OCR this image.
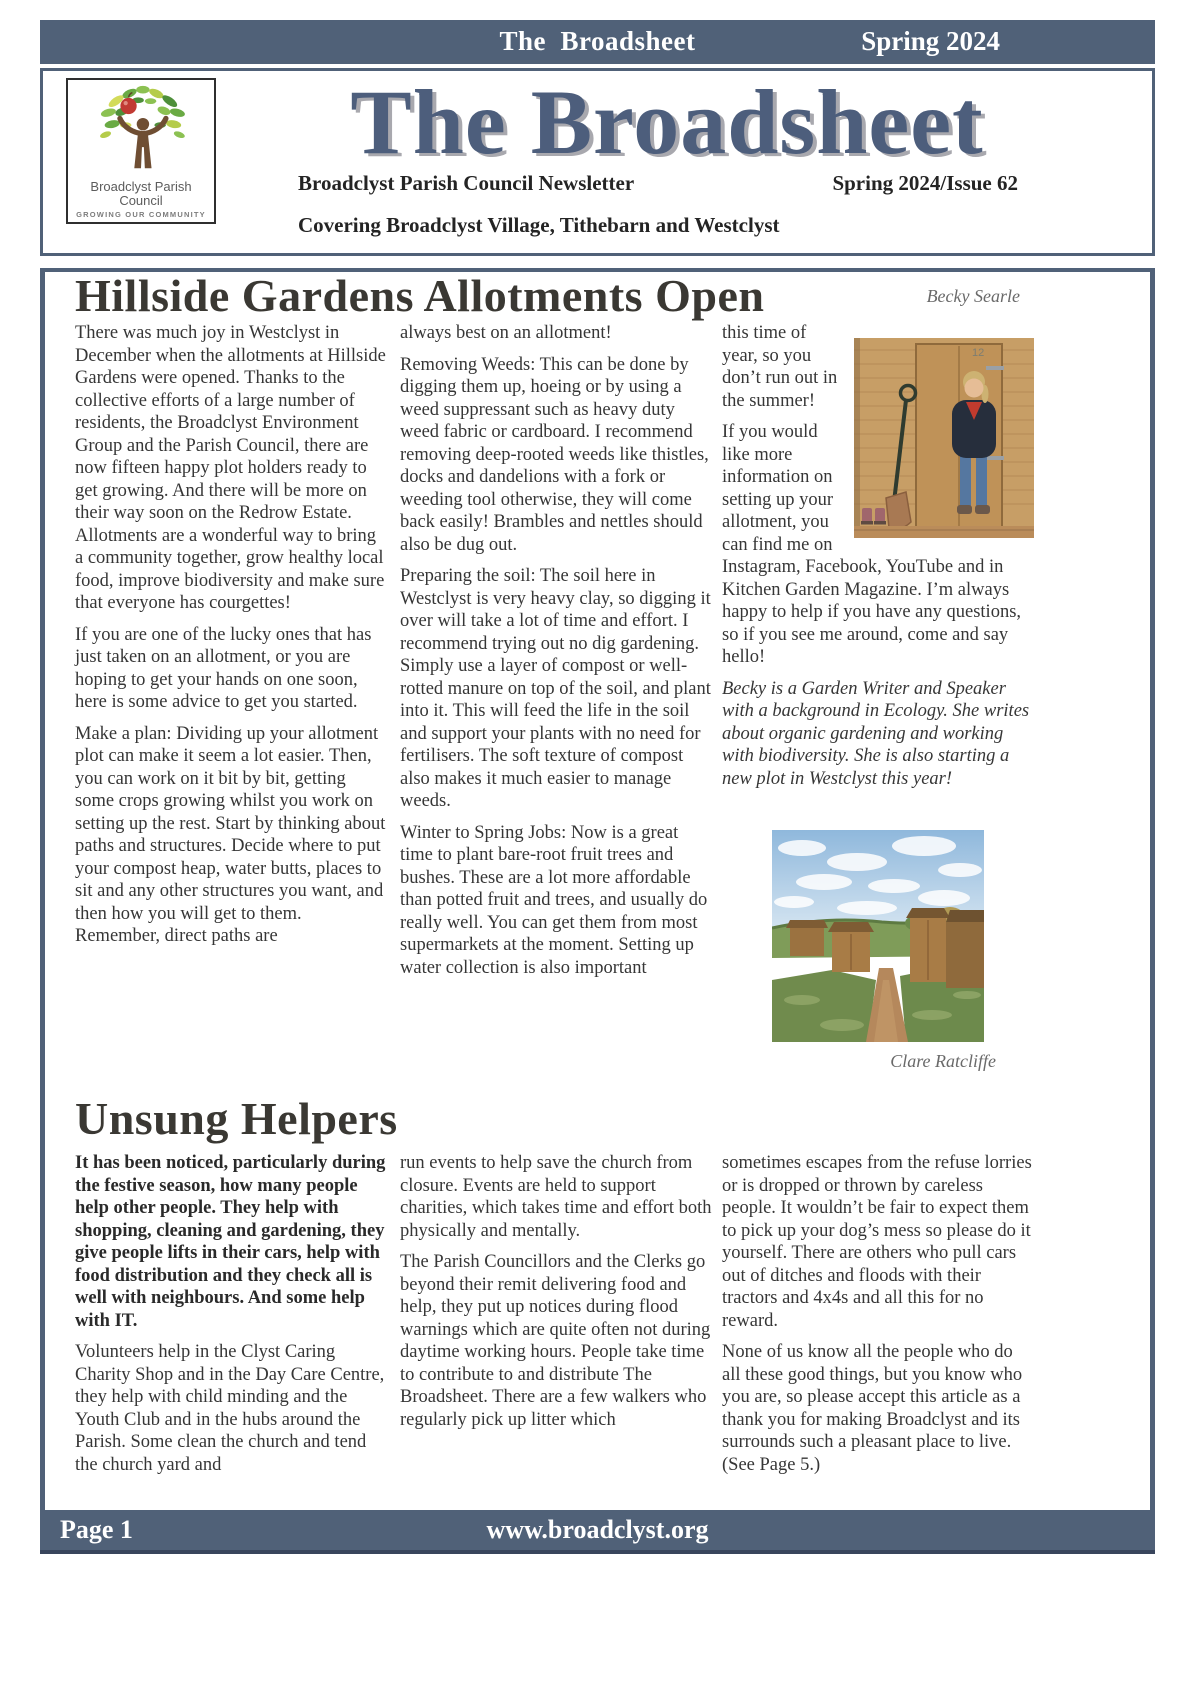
The  Broadsheet	Spring 2024
Broadclyst Parish Council
GROWING OUR COMMUNITY
The Broadsheet
Broadclyst Parish Council Newsletter	Spring 2024/Issue 62
Covering Broadclyst Village, Tithebarn and Westclyst
Hillside Gardens Allotments Open	Becky Searle

There was much joy in Westclyst in December when the allotments at Hillside Gardens were opened. Thanks to the collective efforts of a large number of residents, the Broadclyst Environment Group and the Parish Council, there are now fifteen happy plot holders ready to get growing. And there will be more on their way soon on the Redrow Estate. Allotments are a wonderful way to bring a community together, grow healthy local food, improve biodiversity and make sure that everyone has courgettes!

If you are one of the lucky ones that has just taken on an allotment, or you are hoping to get your hands on one soon, here is some advice to get you started.

Make a plan: Dividing up your allotment plot can make it seem a lot easier. Then, you can work on it bit by bit, getting some crops growing whilst you work on setting up the rest. Start by thinking about paths and structures. Decide where to put your compost heap, water butts, places to sit and any other structures you want, and then how you will get to them. Remember, direct paths are

always best on an allotment!

Removing Weeds: This can be done by digging them up, hoeing or by using a weed suppressant such as heavy duty weed fabric or cardboard. I recommend removing deep-rooted weeds like thistles, docks and dandelions with a fork or weeding tool otherwise, they will come back easily! Brambles and nettles should also be dug out.

Preparing the soil: The soil here in Westclyst is very heavy clay, so digging it over will take a lot of time and effort. I recommend trying out no dig gardening. Simply use a layer of compost or well-rotted manure on top of the soil, and plant into it. This will feed the life in the soil and support your plants with no need for fertilisers. The soft texture of compost also makes it much easier to manage weeds.

Winter to Spring Jobs: Now is a great time to plant bare-root fruit trees and bushes. These are a lot more affordable than potted fruit and trees, and usually do really well. You can get them from most supermarkets at the moment. Setting up water collection is also important

12

this time of year, so you don’t run out in the summer!

If you would like more information on setting up your allotment, you can find me on Instagram, Facebook, YouTube and in Kitchen Garden Magazine. I’m always happy to help if you have any questions, so if you see me around, come and say hello!

Becky is a Garden Writer and Speaker with a background in Ecology. She writes about organic gardening and working with biodiversity. She is also starting a new plot in Westclyst this year!

Clare Ratcliffe
Unsung Helpers

It has been noticed, particularly during the festive season, how many people help other people. They help with shopping, cleaning and gardening, they give people lifts in their cars, help with food distribution and they check all is well with neighbours. And some help with IT.

Volunteers help in the Clyst Caring Charity Shop and in the Day Care Centre, they help with child minding and the Youth Club and in the hubs around the Parish. Some clean the church and tend the church yard and

run events to help save the church from closure. Events are held to support charities, which takes time and effort both physically and mentally.

The Parish Councillors and the Clerks go beyond their remit delivering food and help, they put up notices during flood warnings which are quite often not during daytime working hours. People take time to contribute to and distribute The Broadsheet. There are a few walkers who regularly pick up litter which

sometimes escapes from the refuse lorries or is dropped or thrown by careless people. It wouldn’t be fair to expect them to pick up your dog’s mess so please do it yourself. There are others who pull cars out of ditches and floods with their tractors and 4x4s and all this for no reward.

None of us know all the people who do all these good things, but you know who you are, so please accept this article as a thank you for making Broadclyst and its surrounds such a pleasant place to live. (See Page 5.)

Page 1	www.broadclyst.org
